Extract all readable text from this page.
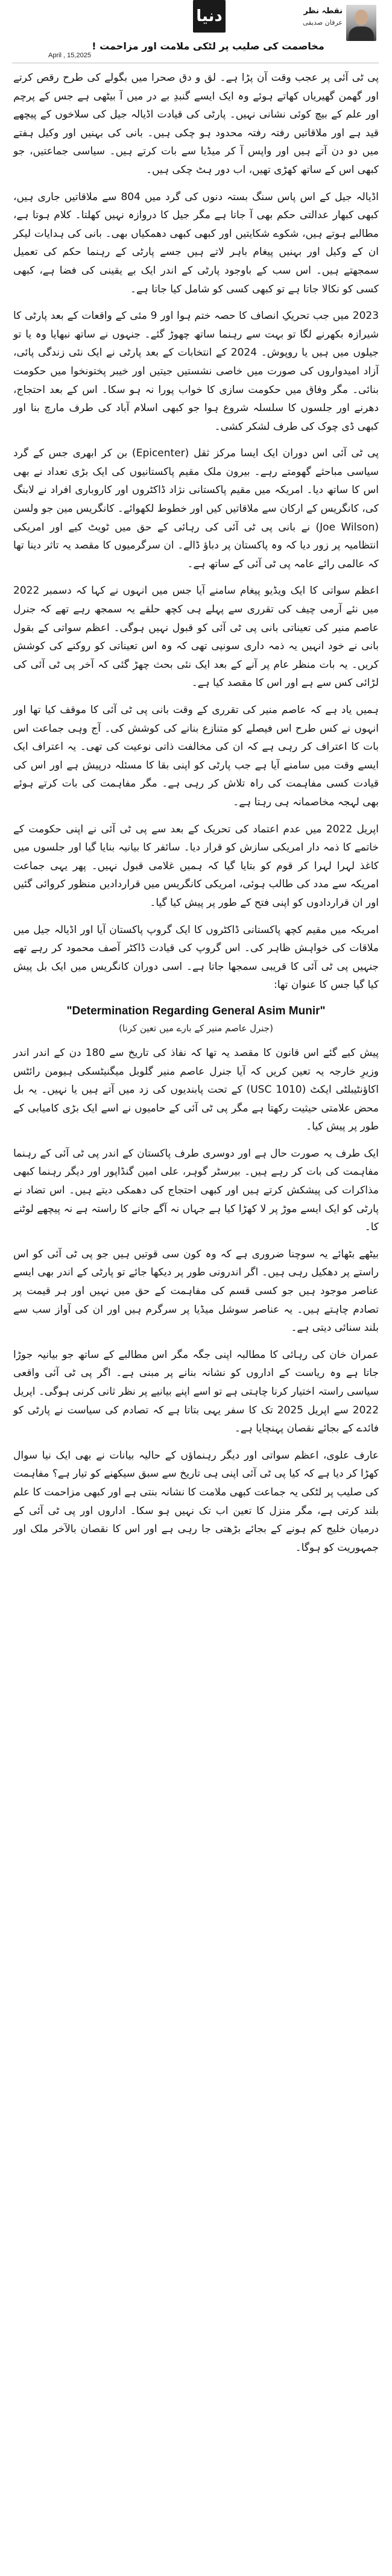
دنیا	نقطہ نظر
عرفان صدیقی
مخاصمت کی صلیب پر لٹکی ملامت اور مزاحمت !
April , 15,2025

پی ٹی آئی پر عجب وقت آن پڑا ہے۔ لق و دق صحرا میں بگولے کی طرح رقص کرتے اور گھمن گھیریاں کھاتے ہوئے وہ ایک ایسے گنبدِ بے در میں آ بیٹھی ہے جس کے پرچم اور علم کے بیچ کوئی نشانی نہیں۔ پارٹی کی قیادت اڈیالہ جیل کی سلاخوں کے پیچھے قید ہے اور ملاقاتیں رفتہ رفتہ محدود ہو چکی ہیں۔ بانی کی بہنیں اور وکیل ہفتے میں دو دن آتے ہیں اور واپس آ کر میڈیا سے بات کرتے ہیں۔ سیاسی جماعتیں، جو کبھی اس کے ساتھ کھڑی تھیں، اب دور ہٹ چکی ہیں۔

اڈیالہ جیل کے اس پاس سنگ بستہ دنوں کی گرد میں 804 سے ملاقاتیں جاری ہیں، کبھی کبھار عدالتی حکم بھی آ جاتا ہے مگر جیل کا دروازہ نہیں کھلتا۔ کلام ہوتا ہے، مطالبے ہوتے ہیں، شکوے شکایتیں اور کبھی کبھی دھمکیاں بھی۔ بانی کی ہدایات لیکر ان کے وکیل اور بہنیں پیغام باہر لاتے ہیں جسے پارٹی کے رہنما حکم کی تعمیل سمجھتے ہیں۔ اس سب کے باوجود پارٹی کے اندر ایک بے یقینی کی فضا ہے، کبھی کسی کو نکالا جاتا ہے تو کبھی کسی کو شامل کیا جاتا ہے۔

2023 میں جب تحریکِ انصاف کا حصہ ختم ہوا اور 9 مئی کے واقعات کے بعد پارٹی کا شیرازہ بکھرنے لگا تو بہت سے رہنما ساتھ چھوڑ گئے۔ جنہوں نے ساتھ نبھایا وہ یا تو جیلوں میں ہیں یا روپوش۔ 2024 کے انتخابات کے بعد پارٹی نے ایک نئی زندگی پائی، آزاد امیدواروں کی صورت میں خاصی نشستیں جیتیں اور خیبر پختونخوا میں حکومت بنائی۔ مگر وفاق میں حکومت سازی کا خواب پورا نہ ہو سکا۔ اس کے بعد احتجاج، دھرنے اور جلسوں کا سلسلہ شروع ہوا جو کبھی اسلام آباد کی طرف مارچ بنا اور کبھی ڈی چوک کی طرف لشکر کشی۔

پی ٹی آئی اس دوران ایک ایسا مرکز ثقل (Epicenter) بن کر ابھری جس کے گرد سیاسی مباحثے گھومتے رہے۔ بیرون ملک مقیم پاکستانیوں کی ایک بڑی تعداد نے بھی اس کا ساتھ دیا۔ امریکہ میں مقیم پاکستانی نژاد ڈاکٹروں اور کاروباری افراد نے لابنگ کی، کانگریس کے ارکان سے ملاقاتیں کیں اور خطوط لکھوائے۔ کانگریس مین جو ولسن (Joe Wilson) نے بانی پی ٹی آئی کی رہائی کے حق میں ٹویٹ کیے اور امریکی انتظامیہ پر زور دیا کہ وہ پاکستان پر دباؤ ڈالے۔ ان سرگرمیوں کا مقصد یہ تاثر دینا تھا کہ عالمی رائے عامہ پی ٹی آئی کے ساتھ ہے۔

اعظم سواتی کا ایک ویڈیو پیغام سامنے آیا جس میں انہوں نے کہا کہ دسمبر 2022 میں نئے آرمی چیف کی تقرری سے پہلے ہی کچھ حلقے یہ سمجھ رہے تھے کہ جنرل عاصم منیر کی تعیناتی بانی پی ٹی آئی کو قبول نہیں ہوگی۔ اعظم سواتی کے بقول بانی نے خود انہیں یہ ذمہ داری سونپی تھی کہ وہ اس تعیناتی کو روکنے کی کوشش کریں۔ یہ بات منظر عام پر آنے کے بعد ایک نئی بحث چھڑ گئی کہ آخر پی ٹی آئی کی لڑائی کس سے ہے اور اس کا مقصد کیا ہے۔

ہمیں یاد ہے کہ عاصم منیر کی تقرری کے وقت بانی پی ٹی آئی کا موقف کیا تھا اور انہوں نے کس طرح اس فیصلے کو متنازع بنانے کی کوشش کی۔ آج وہی جماعت اس بات کا اعتراف کر رہی ہے کہ ان کی مخالفت ذاتی نوعیت کی تھی۔ یہ اعتراف ایک ایسے وقت میں سامنے آیا ہے جب پارٹی کو اپنی بقا کا مسئلہ درپیش ہے اور اس کی قیادت کسی مفاہمت کی راہ تلاش کر رہی ہے۔ مگر مفاہمت کی بات کرتے ہوئے بھی لہجہ مخاصمانہ ہی رہتا ہے۔

اپریل 2022 میں عدم اعتماد کی تحریک کے بعد سے پی ٹی آئی نے اپنی حکومت کے خاتمے کا ذمہ دار امریکی سازش کو قرار دیا۔ سائفر کا بیانیہ بنایا گیا اور جلسوں میں کاغذ لہرا لہرا کر قوم کو بتایا گیا کہ ہمیں غلامی قبول نہیں۔ پھر یہی جماعت امریکہ سے مدد کی طالب ہوئی، امریکی کانگریس میں قراردادیں منظور کروائی گئیں اور ان قراردادوں کو اپنی فتح کے طور پر پیش کیا گیا۔

امریکہ میں مقیم کچھ پاکستانی ڈاکٹروں کا ایک گروپ پاکستان آیا اور اڈیالہ جیل میں ملاقات کی خواہش ظاہر کی۔ اس گروپ کی قیادت ڈاکٹر آصف محمود کر رہے تھے جنہیں پی ٹی آئی کا قریبی سمجھا جاتا ہے۔ اسی دوران کانگریس میں ایک بل پیش کیا گیا جس کا عنوان تھا:

"Determination Regarding General Asim Munir"
(جنرل عاصم منیر کے بارے میں تعین کرنا)

پیش کیے گئے اس قانون کا مقصد یہ تھا کہ نفاذ کی تاریخ سے 180 دن کے اندر اندر وزیرِ خارجہ یہ تعین کریں کہ آیا جنرل عاصم منیر گلوبل میگنیٹسکی ہیومن رائٹس اکاؤنٹیبلٹی ایکٹ (USC 1010) کے تحت پابندیوں کی زد میں آتے ہیں یا نہیں۔ یہ بل محض علامتی حیثیت رکھتا ہے مگر پی ٹی آئی کے حامیوں نے اسے ایک بڑی کامیابی کے طور پر پیش کیا۔

ایک طرف یہ صورت حال ہے اور دوسری طرف پاکستان کے اندر پی ٹی آئی کے رہنما مفاہمت کی بات کر رہے ہیں۔ بیرسٹر گوہر، علی امین گنڈاپور اور دیگر رہنما کبھی مذاکرات کی پیشکش کرتے ہیں اور کبھی احتجاج کی دھمکی دیتے ہیں۔ اس تضاد نے پارٹی کو ایک ایسے موڑ پر لا کھڑا کیا ہے جہاں نہ آگے جانے کا راستہ ہے نہ پیچھے لوٹنے کا۔

بیٹھے بٹھائے یہ سوچنا ضروری ہے کہ وہ کون سی قوتیں ہیں جو پی ٹی آئی کو اس راستے پر دھکیل رہی ہیں۔ اگر اندرونی طور پر دیکھا جائے تو پارٹی کے اندر بھی ایسے عناصر موجود ہیں جو کسی قسم کی مفاہمت کے حق میں نہیں اور ہر قیمت پر تصادم چاہتے ہیں۔ یہ عناصر سوشل میڈیا پر سرگرم ہیں اور ان کی آواز سب سے بلند سنائی دیتی ہے۔

عمران خان کی رہائی کا مطالبہ اپنی جگہ مگر اس مطالبے کے ساتھ جو بیانیہ جوڑا جاتا ہے وہ ریاست کے اداروں کو نشانہ بنانے پر مبنی ہے۔ اگر پی ٹی آئی واقعی سیاسی راستہ اختیار کرنا چاہتی ہے تو اسے اپنے بیانیے پر نظر ثانی کرنی ہوگی۔ اپریل 2022 سے اپریل 2025 تک کا سفر یہی بتاتا ہے کہ تصادم کی سیاست نے پارٹی کو فائدے کے بجائے نقصان پہنچایا ہے۔

عارف علوی، اعظم سواتی اور دیگر رہنماؤں کے حالیہ بیانات نے بھی ایک نیا سوال کھڑا کر دیا ہے کہ کیا پی ٹی آئی اپنی ہی تاریخ سے سبق سیکھنے کو تیار ہے؟ مفاہمت کی صلیب پر لٹکی یہ جماعت کبھی ملامت کا نشانہ بنتی ہے اور کبھی مزاحمت کا علم بلند کرتی ہے، مگر منزل کا تعین اب تک نہیں ہو سکا۔ اداروں اور پی ٹی آئی کے درمیان خلیج کم ہونے کے بجائے بڑھتی جا رہی ہے اور اس کا نقصان بالآخر ملک اور جمہوریت کو ہوگا۔
